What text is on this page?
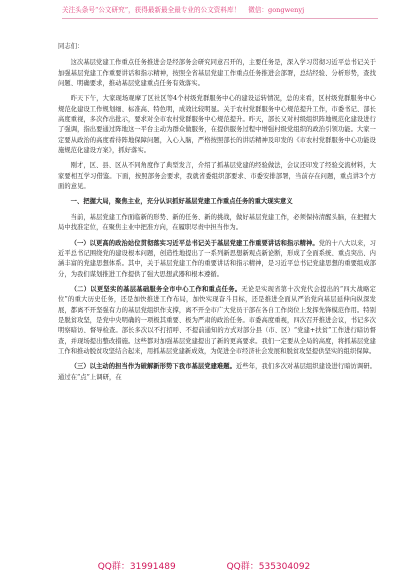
关注头条号“公文研究”，获得最新最全最专业的公文资料库！ 微信：gongwenyj

同志们：

这次基层党建工作重点任务推进会是经部务会研究同意召开的，主要任务是，深入学习贯彻习近平总书记关于加强基层党建工作重要讲话和指示精神，按照全省基层党建工作重点任务推进会部署，总结经验、分析形势，查找问题、明确要求，推动基层党建重点任务有效落实。

昨天下午，大家现场观摩了区社区等4个村级党群服务中心的建设运转情况，总的来看，区村级党群服务中心规范化建设工作规划细、标准高、特色明，成效比较明显。关于农村党群服务中心规范提升工作，市委书记、部长高度重视，多次作出批示，要求对全市农村党群服务中心规范提升。昨天，部长又对村级组织阵地规范化建设进行了强调，指出要通过阵地这一平台主动为群众做服务，在提供服务过程中增强村级党组织的政治引领功能。大家一定要从政治的高度看待阵地保障问题，入心入脑，严格按照部长的讲话精神及印发的《市农村党群服务中心功能设施规范化建设方案》，抓好落实。

刚才，区、县、区从不同角度作了典型发言，介绍了抓基层党建的经验做法，会议还印发了经验交流材料，大家要相互学习借鉴。下面，按照部务会要求，我就省委组织部要求、市委安排部署，当前存在问题，重点讲3个方面的意见。

一、把握大局，聚焦主业，充分认识抓好基层党建工作重点任务的重大现实意义

当前，基层党建工作面临新的形势、新的任务、新的挑战，做好基层党建工作，必须保持清醒头脑，在把握大局中找准定位，在聚焦主业中把准方向，在履职尽责中担当作为。

（一）以更高的政治站位贯彻落实习近平总书记关于基层党建工作重要讲话和指示精神。党的十八大以来，习近平总书记围绕党的建设根本问题，创造性地提出了一系列新思想新观点新论断，形成了全面系统、重点突出、内涵丰富的党建思想体系。其中，关于基层党建工作的重要讲话和指示精神，是习近平总书记党建思想的重要组成部分，为我们谋划推进工作提供了强大思想武器和根本遵循。

（二）以更坚实的基层基础服务全市中心工作和重点任务。无论是实现省第十次党代会提出的“四大战略定位”的重大历史任务，还是加快推进工作布局，加快实现奋斗目标，还是推进全面从严治党向基层延伸向纵深发展，都离不开坚强有力的基层党组织作支撑，离不开全市广大党员干部在各自工作岗位上发挥先锋模范作用。特别是脱贫攻坚，是党中央明确的一项极其重要、极为严肃的政治任务。市委高度重视，四次召开推进会议，书记多次明察暗访、督导检查。部长多次以不打招呼、不提前通知的方式对部分县（市、区）“党建+扶贫”工作进行暗访督查，并现场提出整改措施。这些都对加强基层党建提出了新的更高要求。我们一定要从全局的高度，将抓基层党建工作和推动脱贫攻坚结合起来，用抓基层党建新成效，为促进全市经济社会发展和脱贫攻坚提供坚实的组织保障。

（三）以主动的担当作为破解新形势下我市基层党建难题。近些年，我们多次对基层组织建设进行暗访调研。通过在“点”上调研，在

QQ群：31991489	QQ群：535304092
